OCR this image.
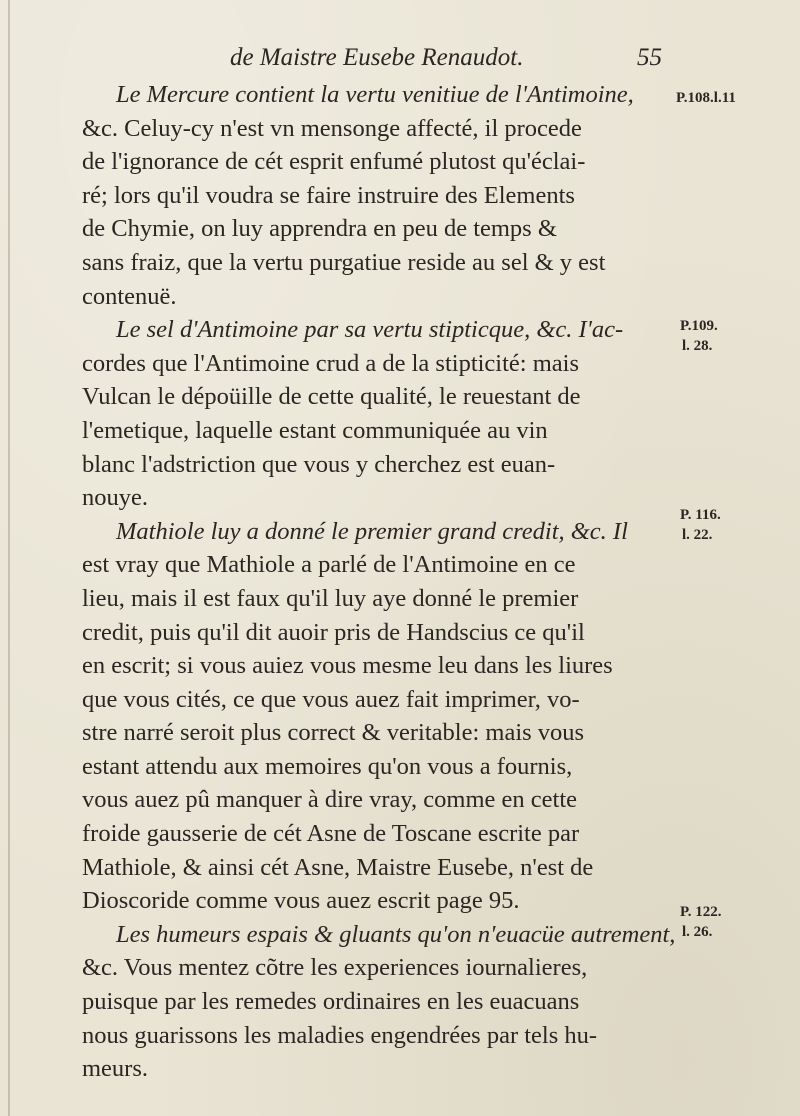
de Maistre Eusebe Renaudot.	55
Le Mercure contient la vertu venitiue de l'Antimoine,
&c. Celuy-cy n'est vn mensonge affecté, il procede
de l'ignorance de cét esprit enfumé plutost qu'éclai-
ré; lors qu'il voudra se faire instruire des Elements
de Chymie, on luy apprendra en peu de temps &
sans fraiz, que la vertu purgatiue reside au sel & y est
contenuë.
Le sel d'Antimoine par sa vertu stipticque, &c. I'ac-
cordes que l'Antimoine crud a de la stipticité: mais
Vulcan le dépoüille de cette qualité, le reuestant de
l'emetique, laquelle estant communiquée au vin
blanc l'adstriction que vous y cherchez est euan-
nouye.
Mathiole luy a donné le premier grand credit, &c. Il
est vray que Mathiole a parlé de l'Antimoine en ce
lieu, mais il est faux qu'il luy aye donné le premier
credit, puis qu'il dit auoir pris de Handscius ce qu'il
en escrit; si vous auiez vous mesme leu dans les liures
que vous cités, ce que vous auez fait imprimer, vo-
stre narré seroit plus correct & veritable: mais vous
estant attendu aux memoires qu'on vous a fournis,
vous auez pû manquer à dire vray, comme en cette
froide gausserie de cét Asne de Toscane escrite par
Mathiole, & ainsi cét Asne, Maistre Eusebe, n'est de
Dioscoride comme vous auez escrit page 95.
Les humeurs espais & gluants qu'on n'euacüe autrement,
&c. Vous mentez cõtre les experiences iournalieres,
puisque par les remedes ordinaires en les euacuans
nous guarissons les maladies engendrées par tels hu-
meurs.
P.108.l.11
P.109.
l. 28.
P. 116.
l. 22.
P. 122.
l. 26.
